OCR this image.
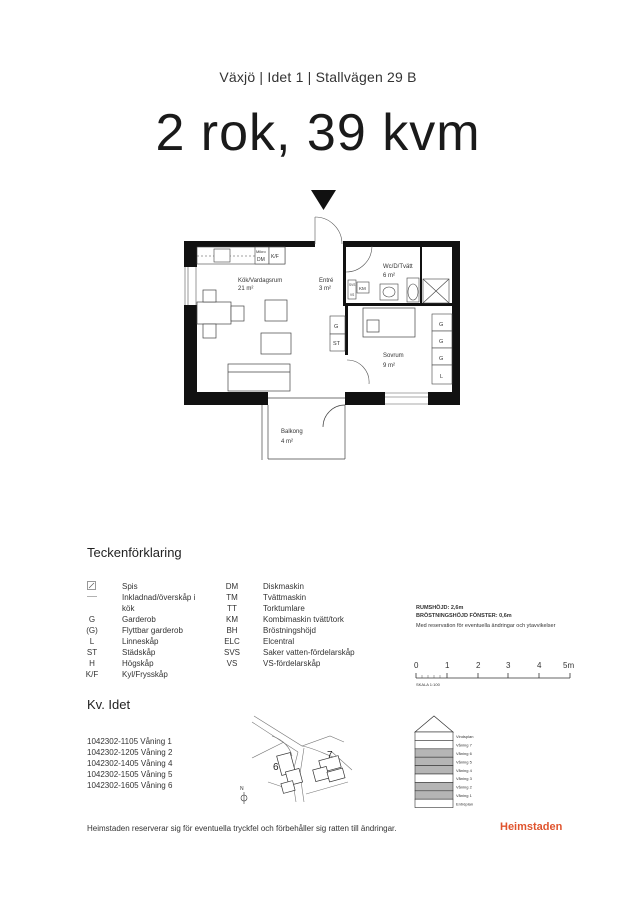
Växjö | Idet 1 | Stallvägen 29 B
2 rok, 39 kvm
Mikro
DM K/F
Kök/Vardagsrum
21 m²
Entré
3 m²
G
ST
KM
SVS
VS
Wc/D/Tvätt
6 m²
G
G
G
L
Sovrum
9 m²
Balkong
4 m²
Teckenförklaring
Spis
-----	Inkladnad/överskåp i kök
G	Garderob
(G)	Flyttbar garderob
L	Linneskåp
ST	Städskåp
H	Högskåp
K/F	Kyl/Frysskåp
DM	Diskmaskin
TM	Tvättmaskin
TT	Torktumlare
KM	Kombimaskin tvätt/tork
BH	Bröstningshöjd
ELC	Elcentral
SVS	Saker vatten-fördelarskåp
VS	VS-fördelarskåp
RUMSHÖJD: 2,6m
BRÖSTNINGSHÖJD FÖNSTER: 0,6m
Med reservation för eventuella ändringar och ytavvikelser
0	1	2	3	4	5m
SKALA 1:100
Kv. Idet
1042302-1105 Våning 1
1042302-1205 Våning 2
1042302-1405 Våning 4
1042302-1505 Våning 5
1042302-1605 Våning 6
6
7
N
Vindsplan
Våning 7
Våning 6
Våning 5
Våning 4
Våning 3
Våning 2
Våning 1
Entréplan
Heimstaden reserverar sig för eventuella tryckfel och förbehåller sig ratten till ändringar.	Heimstaden
